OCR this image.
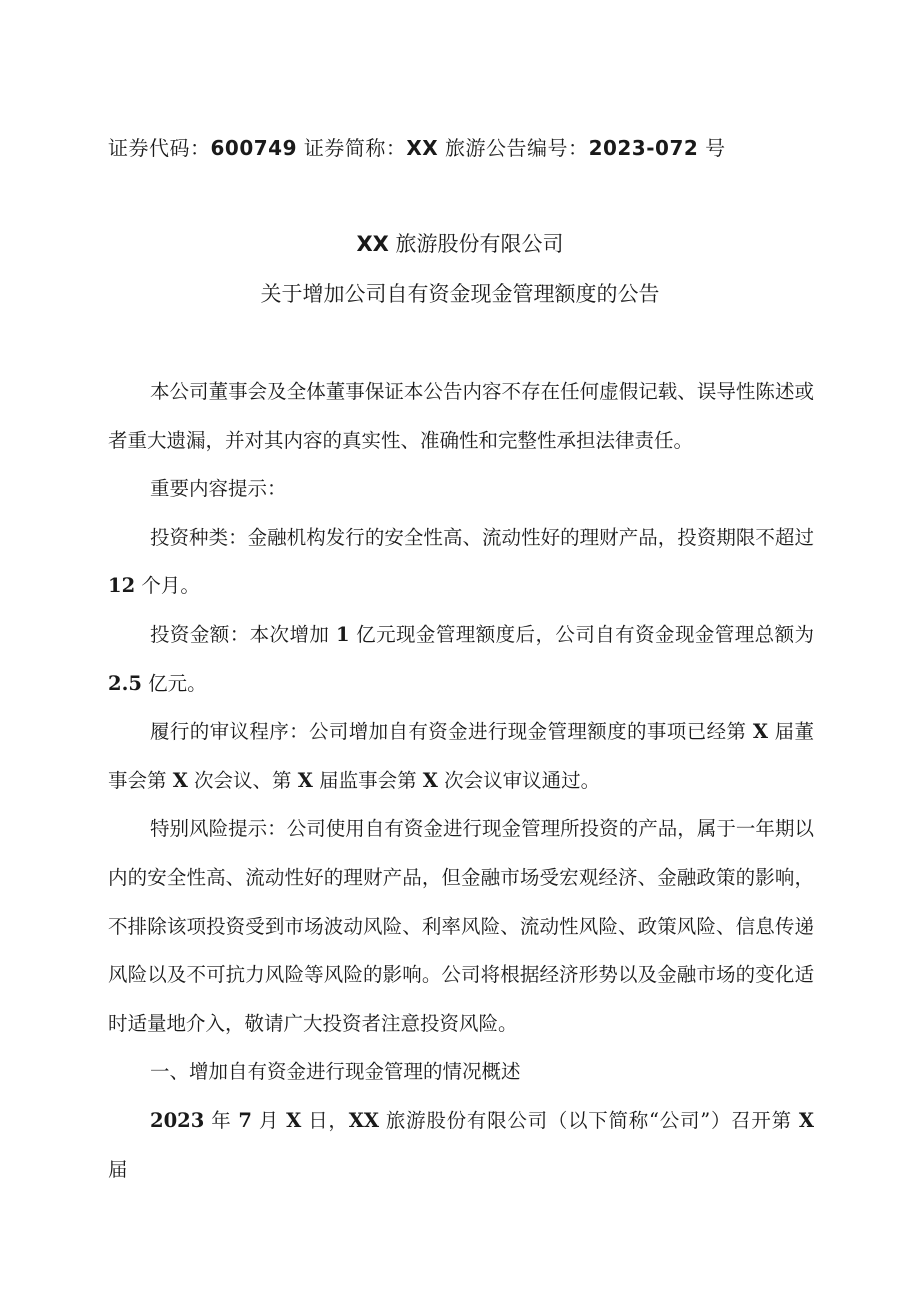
证券代码：600749 证券简称：XX 旅游公告编号：2023-072 号
XX 旅游股份有限公司
关于增加公司自有资金现金管理额度的公告

本公司董事会及全体董事保证本公告内容不存在任何虚假记载、误导性陈述或者重大遗漏，并对其内容的真实性、准确性和完整性承担法律责任。

重要内容提示：

投资种类：金融机构发行的安全性高、流动性好的理财产品，投资期限不超过 12 个月。

投资金额：本次增加 1 亿元现金管理额度后，公司自有资金现金管理总额为 2.5 亿元。

履行的审议程序：公司增加自有资金进行现金管理额度的事项已经第 X 届董事会第 X 次会议、第 X 届监事会第 X 次会议审议通过。

特别风险提示：公司使用自有资金进行现金管理所投资的产品，属于一年期以内的安全性高、流动性好的理财产品，但金融市场受宏观经济、金融政策的影响，不排除该项投资受到市场波动风险、利率风险、流动性风险、政策风险、信息传递风险以及不可抗力风险等风险的影响。公司将根据经济形势以及金融市场的变化适时适量地介入，敬请广大投资者注意投资风险。

一、增加自有资金进行现金管理的情况概述

2023 年 7 月 X 日，XX 旅游股份有限公司（以下简称“公司”）召开第 X 届
